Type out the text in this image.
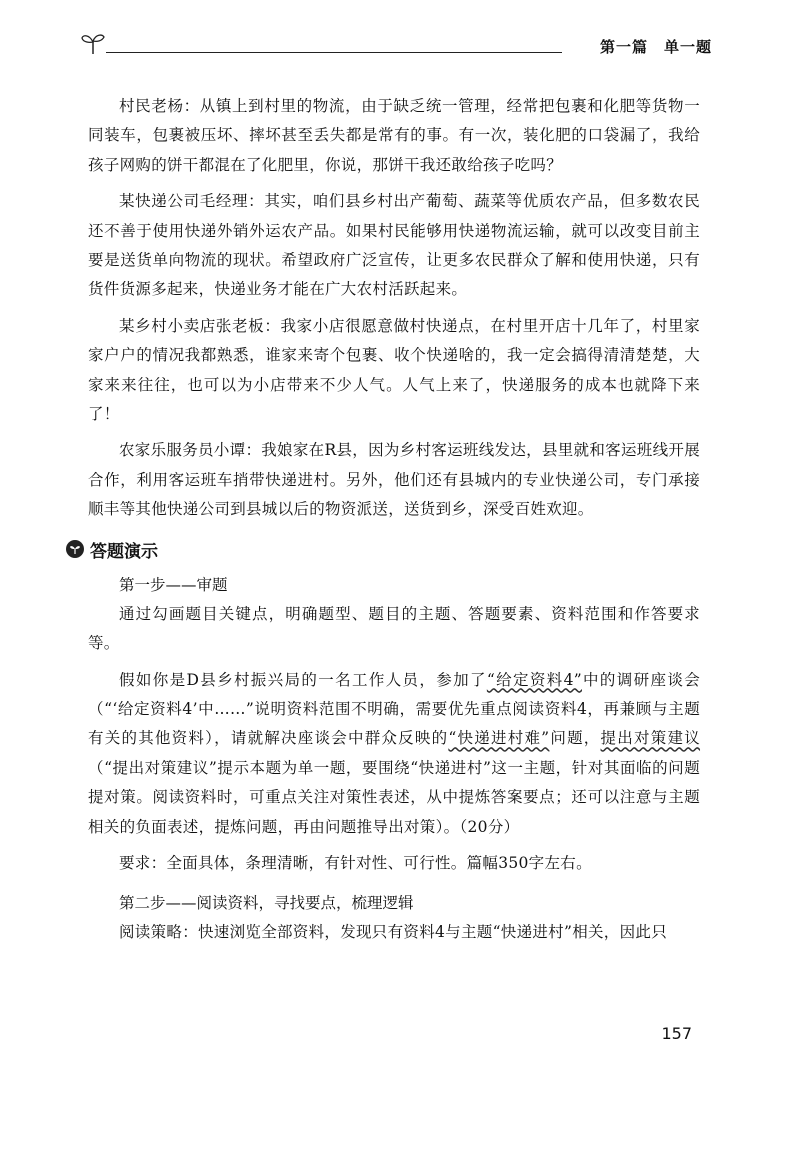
第一篇　单一题

村民老杨：从镇上到村里的物流，由于缺乏统一管理，经常把包裹和化肥等货物一同装车，包裹被压坏、摔坏甚至丢失都是常有的事。有一次，装化肥的口袋漏了，我给孩子网购的饼干都混在了化肥里，你说，那饼干我还敢给孩子吃吗？

某快递公司毛经理：其实，咱们县乡村出产葡萄、蔬菜等优质农产品，但多数农民还不善于使用快递外销外运农产品。如果村民能够用快递物流运输，就可以改变目前主要是送货单向物流的现状。希望政府广泛宣传，让更多农民群众了解和使用快递，只有货件货源多起来，快递业务才能在广大农村活跃起来。

某乡村小卖店张老板：我家小店很愿意做村快递点，在村里开店十几年了，村里家家户户的情况我都熟悉，谁家来寄个包裹、收个快递啥的，我一定会搞得清清楚楚，大家来来往往，也可以为小店带来不少人气。人气上来了，快递服务的成本也就降下来了！

农家乐服务员小谭：我娘家在R县，因为乡村客运班线发达，县里就和客运班线开展合作，利用客运班车捎带快递进村。另外，他们还有县城内的专业快递公司，专门承接顺丰等其他快递公司到县城以后的物资派送，送货到乡，深受百姓欢迎。

答题演示
第一步——审题

通过勾画题目关键点，明确题型、题目的主题、答题要素、资料范围和作答要求等。

假如你是D县乡村振兴局的一名工作人员，参加了“给定资料4”中的调研座谈会（“‘给定资料4’中……”说明资料范围不明确，需要优先重点阅读资料4，再兼顾与主题有关的其他资料），请就解决座谈会中群众反映的“快递进村难”问题，提出对策建议（“提出对策建议”提示本题为单一题，要围绕“快递进村”这一主题，针对其面临的问题提对策。阅读资料时，可重点关注对策性表述，从中提炼答案要点；还可以注意与主题相关的负面表述，提炼问题，再由问题推导出对策）。（20分）

要求：全面具体，条理清晰，有针对性、可行性。篇幅350字左右。

第二步——阅读资料，寻找要点，梳理逻辑

阅读策略：快速浏览全部资料，发现只有资料4与主题“快递进村”相关，因此只

157
